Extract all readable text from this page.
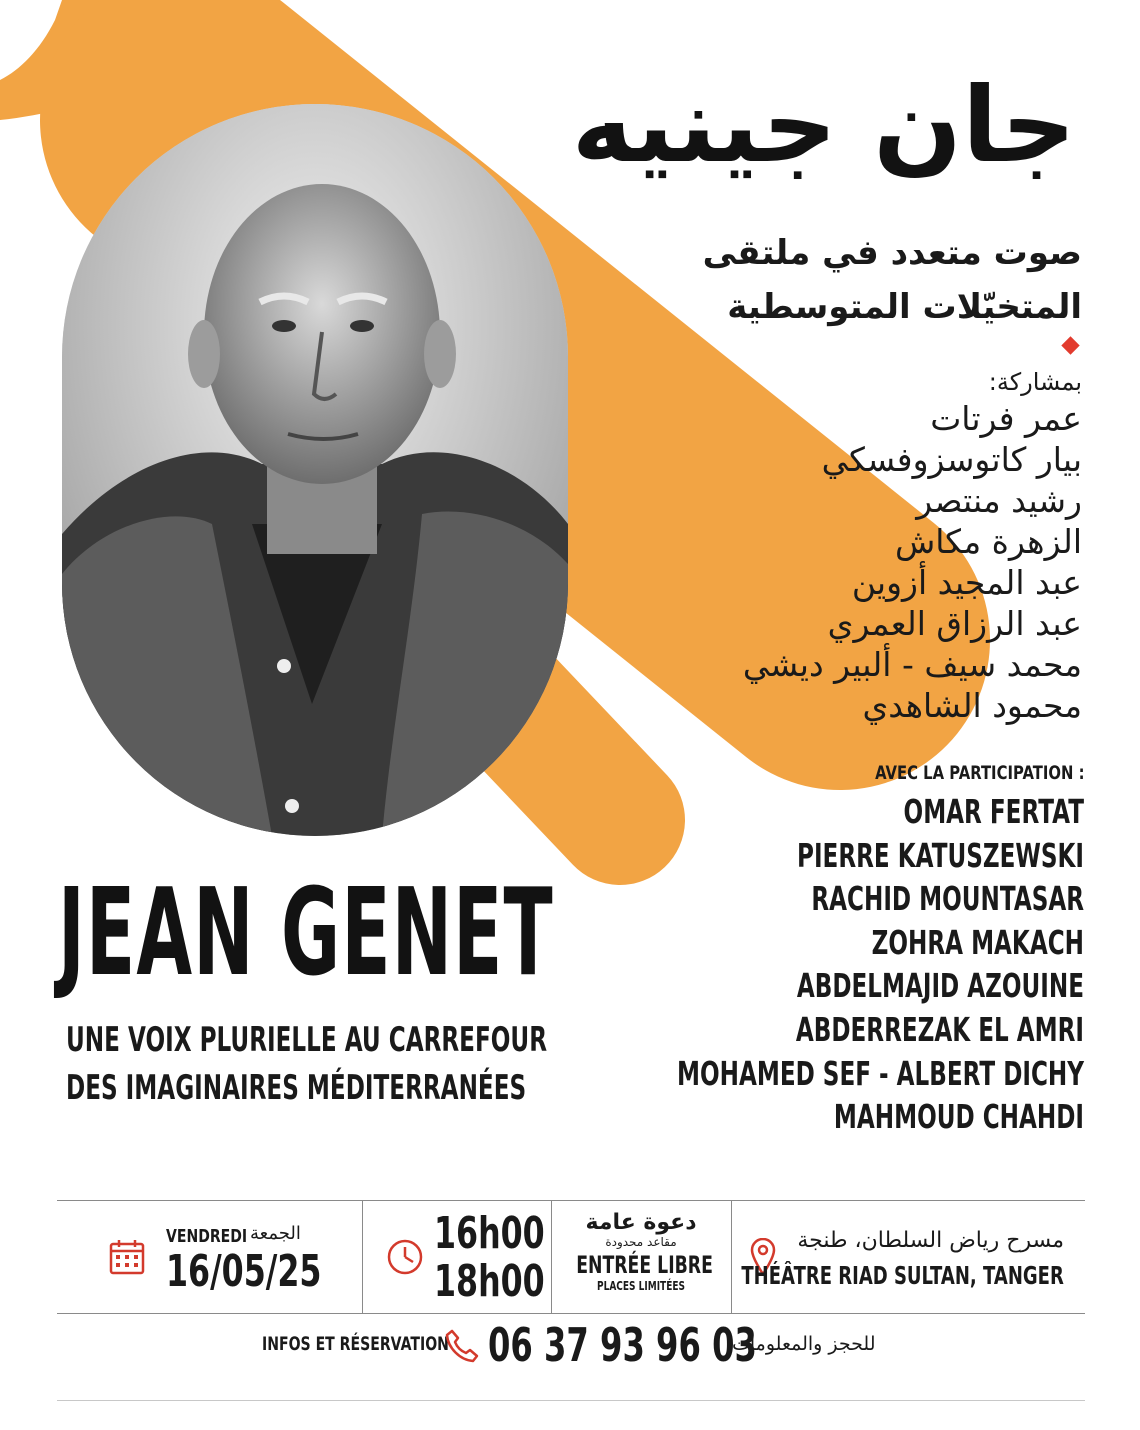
جان جينيه
صوت متعدد في ملتقى
المتخيّلات المتوسطية
بمشاركة:
عمر فرتات
بيار كاتوسزوفسكي
رشيد منتصر
الزهرة مكاش
عبد المجيد أزوين
عبد الرزاق العمري
محمد سيف - ألبير ديشي
محمود الشاهدي
AVEC LA PARTICIPATION :
OMAR FERTAT
PIERRE KATUSZEWSKI
RACHID MOUNTASAR
ZOHRA MAKACH
ABDELMAJID AZOUINE
ABDERREZAK EL AMRI
MOHAMED SEF - ALBERT DICHY
MAHMOUD CHAHDI
JEAN GENET
UNE VOIX PLURIELLE AU CARREFOUR
DES IMAGINAIRES MÉDITERRANÉES
VENDREDI الجمعة
16/05/25
16h00
18h00
دعوة عامة
مقاعد محدودة
ENTRÉE LIBRE
PLACES LIMITÉES
مسرح رياض السلطان، طنجة
THÉÂTRE RIAD SULTAN, TANGER
INFOS ET RÉSERVATION 06 37 93 96 03
للحجز والمعلومات
